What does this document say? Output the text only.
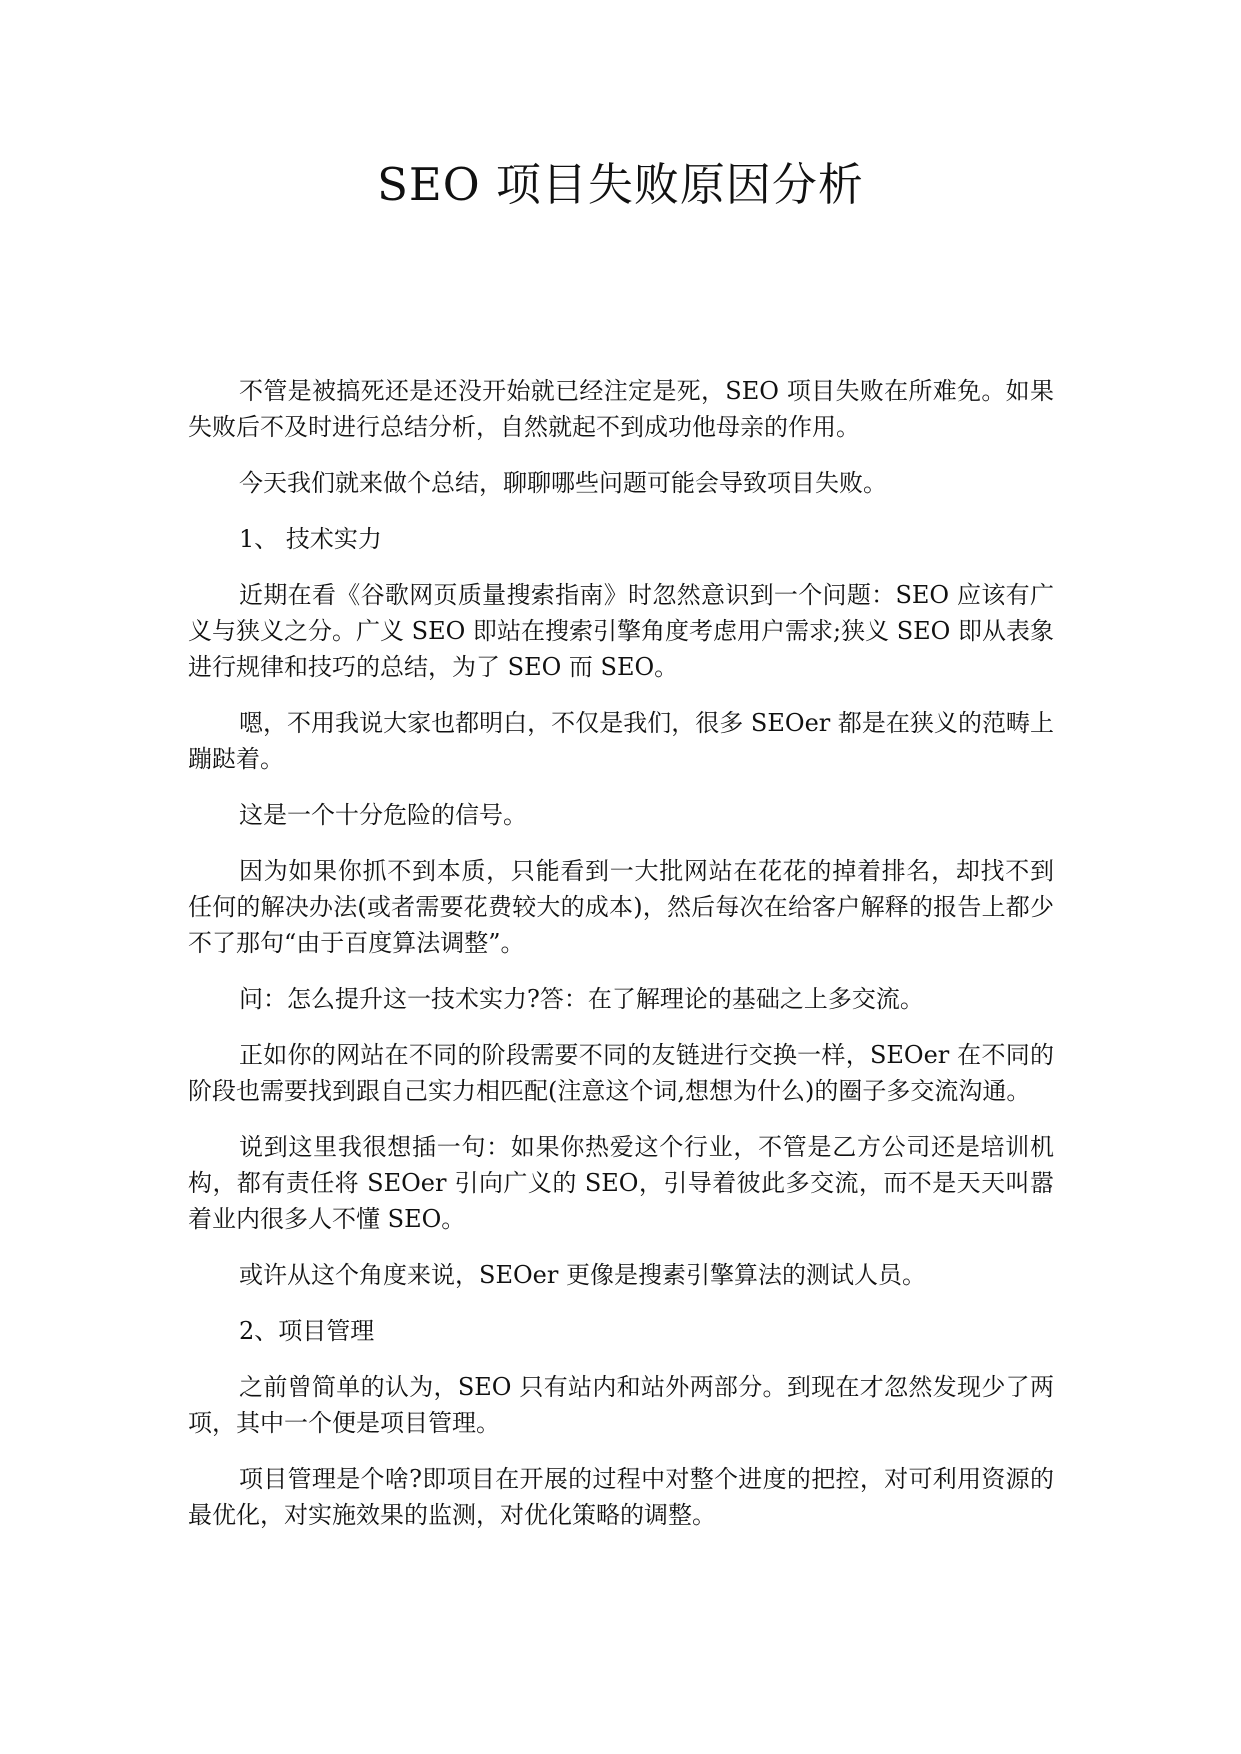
SEO 项目失败原因分析

不管是被搞死还是还没开始就已经注定是死，SEO 项目失败在所难免。如果失败后不及时进行总结分析，自然就起不到成功他母亲的作用。

今天我们就来做个总结，聊聊哪些问题可能会导致项目失败。

1、 技术实力

近期在看《谷歌网页质量搜索指南》时忽然意识到一个问题：SEO 应该有广义与狭义之分。广义 SEO 即站在搜索引擎角度考虑用户需求;狭义 SEO 即从表象进行规律和技巧的总结，为了 SEO 而 SEO。

嗯，不用我说大家也都明白，不仅是我们，很多 SEOer 都是在狭义的范畴上蹦跶着。

这是一个十分危险的信号。

因为如果你抓不到本质，只能看到一大批网站在花花的掉着排名，却找不到任何的解决办法(或者需要花费较大的成本)，然后每次在给客户解释的报告上都少不了那句“由于百度算法调整”。

问：怎么提升这一技术实力?答：在了解理论的基础之上多交流。

正如你的网站在不同的阶段需要不同的友链进行交换一样，SEOer 在不同的阶段也需要找到跟自己实力相匹配(注意这个词,想想为什么)的圈子多交流沟通。

说到这里我很想插一句：如果你热爱这个行业，不管是乙方公司还是培训机构，都有责任将 SEOer 引向广义的 SEO，引导着彼此多交流，而不是天天叫嚣着业内很多人不懂 SEO。

或许从这个角度来说，SEOer 更像是搜素引擎算法的测试人员。

2、项目管理

之前曾简单的认为，SEO 只有站内和站外两部分。到现在才忽然发现少了两项，其中一个便是项目管理。

项目管理是个啥?即项目在开展的过程中对整个进度的把控，对可利用资源的最优化，对实施效果的监测，对优化策略的调整。
